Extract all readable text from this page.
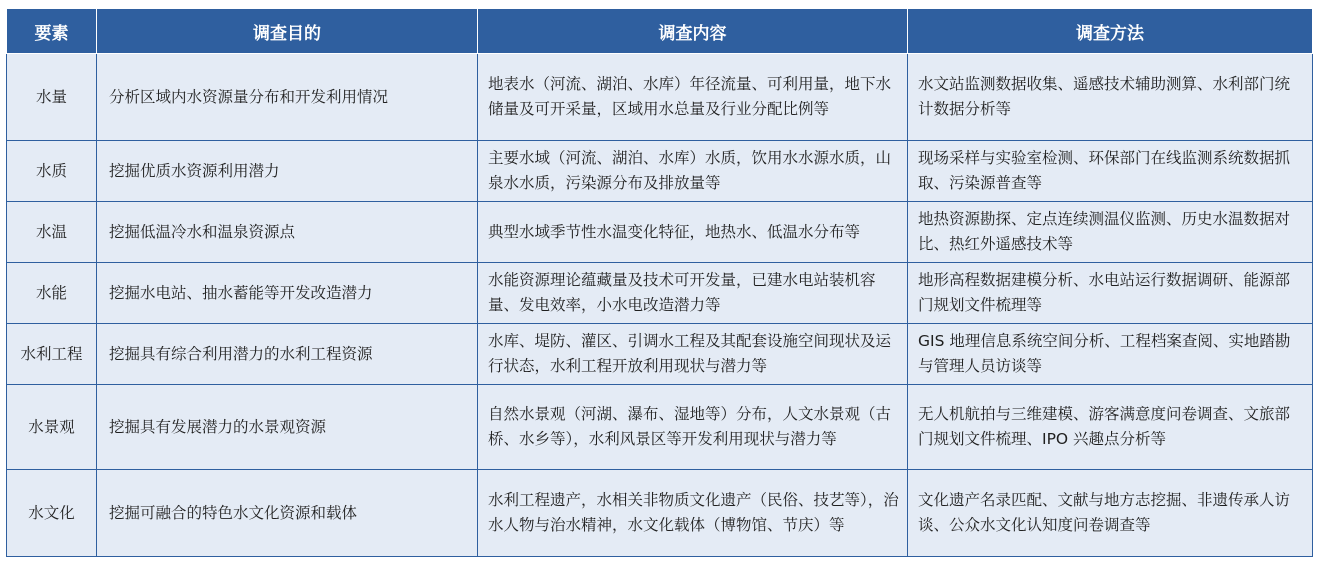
要素	调查目的	调查内容	调查方法
水量	分析区域内水资源量分布和开发利用情况	地表水（河流、湖泊、水库）年径流量、可利用量，地下水储量及可开采量，区域用水总量及行业分配比例等	水文站监测数据收集、遥感技术辅助测算、水利部门统计数据分析等
水质	挖掘优质水资源利用潜力	主要水域（河流、湖泊、水库）水质，饮用水水源水质，山泉水水质，污染源分布及排放量等	现场采样与实验室检测、环保部门在线监测系统数据抓取、污染源普查等
水温	挖掘低温冷水和温泉资源点	典型水域季节性水温变化特征，地热水、低温水分布等	地热资源勘探、定点连续测温仪监测、历史水温数据对比、热红外遥感技术等
水能	挖掘水电站、抽水蓄能等开发改造潜力	水能资源理论蕴藏量及技术可开发量，已建水电站装机容量、发电效率，小水电改造潜力等	地形高程数据建模分析、水电站运行数据调研、能源部门规划文件梳理等
水利工程	挖掘具有综合利用潜力的水利工程资源	水库、堤防、灌区、引调水工程及其配套设施空间现状及运行状态，水利工程开放利用现状与潜力等	GIS 地理信息系统空间分析、工程档案查阅、实地踏勘与管理人员访谈等
水景观	挖掘具有发展潜力的水景观资源	自然水景观（河湖、瀑布、湿地等）分布，人文水景观（古桥、水乡等），水利风景区等开发利用现状与潜力等	无人机航拍与三维建模、游客满意度问卷调查、文旅部门规划文件梳理、IPO 兴趣点分析等
水文化	挖掘可融合的特色水文化资源和载体	水利工程遗产，水相关非物质文化遗产（民俗、技艺等），治水人物与治水精神，水文化载体（博物馆、节庆）等	文化遗产名录匹配、文献与地方志挖掘、非遗传承人访谈、公众水文化认知度问卷调查等
